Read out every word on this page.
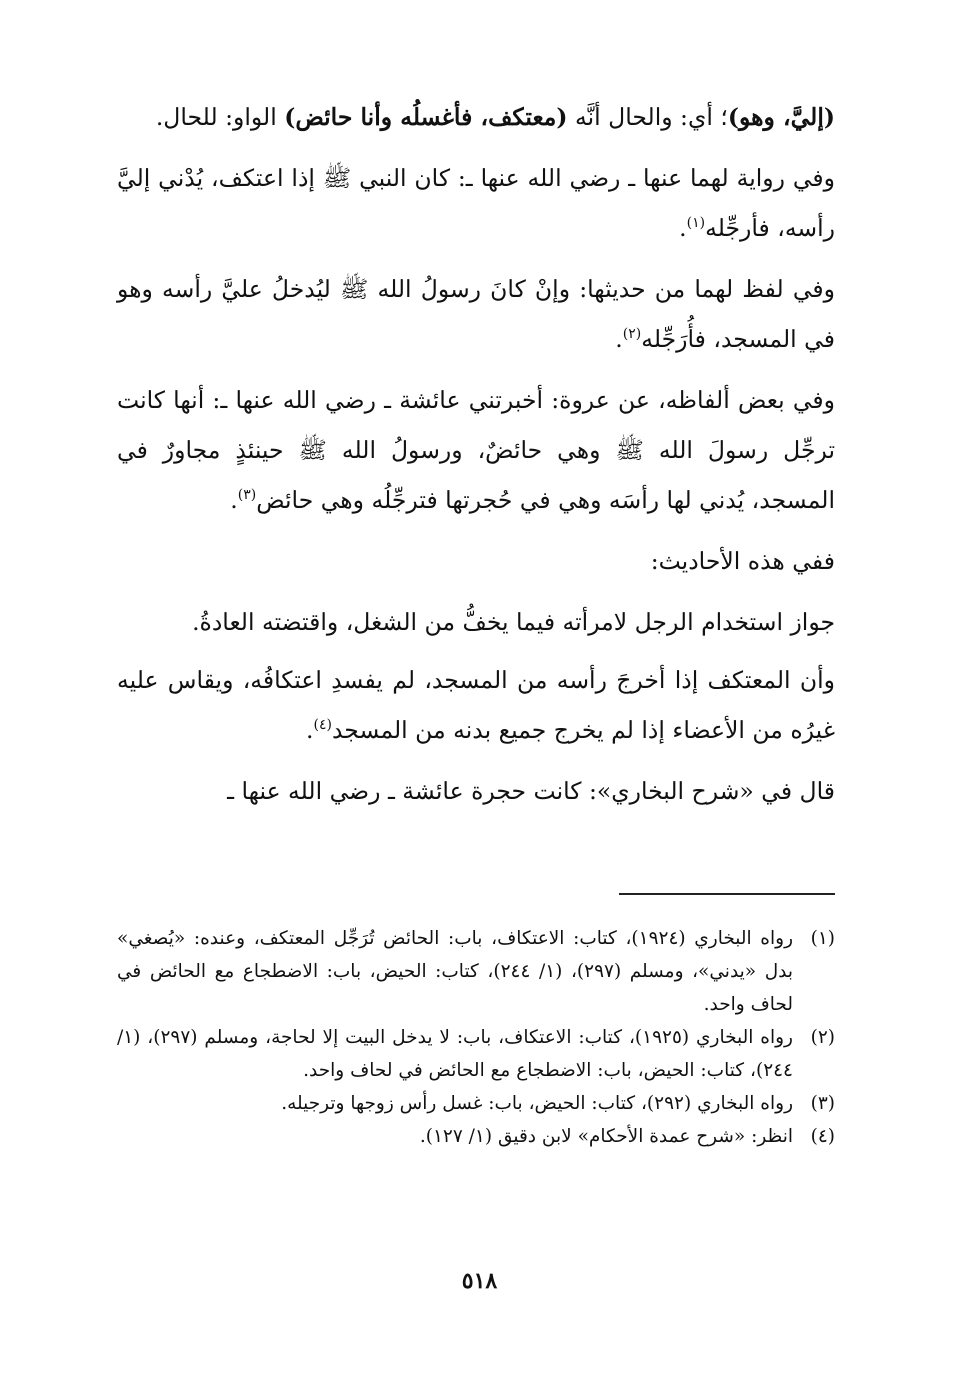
(إليَّ، وهو)؛ أي: والحال أنَّه (معتكف، فأغسلُه وأنا حائض) الواو: للحال.

وفي رواية لهما عنها ـ رضي الله عنها ـ: كان النبي ﷺ إذا اعتكف، يُدْني إليَّ رأسه، فأرجِّله$^{(١)}$.

وفي لفظ لهما من حديثها: وإنْ كانَ رسولُ الله ﷺ ليُدخلُ عليَّ رأسه وهو في المسجد، فأُرَجِّله$^{(٢)}$.

وفي بعض ألفاظه، عن عروة: أخبرتني عائشة ـ رضي الله عنها ـ: أنها كانت ترجِّل رسولَ الله ﷺ وهي حائضٌ، ورسولُ الله ﷺ حينئذٍ مجاورٌ في المسجد، يُدني لها رأسَه وهي في حُجرتها فترجِّلُه وهي حائض$^{(٣)}$.

ففي هذه الأحاديث:

جواز استخدام الرجل لامرأته فيما يخفُّ من الشغل، واقتضته العادةُ.

وأن المعتكف إذا أخرجَ رأسه من المسجد، لم يفسدِ اعتكافُه، ويقاس عليه غيرُه من الأعضاء إذا لم يخرج جميع بدنه من المسجد$^{(٤)}$.

قال في «شرح البخاري»: كانت حجرة عائشة ـ رضي الله عنها ـ

(١)
رواه البخاري (١٩٢٤)، كتاب: الاعتكاف، باب: الحائض تُرَجِّل المعتكف، وعنده: «يُصغي» بدل «يدني»، ومسلم (٢٩٧)، (١/ ٢٤٤)، كتاب: الحيض، باب: الاضطجاع مع الحائض في لحاف واحد.
(٢)
رواه البخاري (١٩٢٥)، كتاب: الاعتكاف، باب: لا يدخل البيت إلا لحاجة، ومسلم (٢٩٧)، (١/ ٢٤٤)، كتاب: الحيض، باب: الاضطجاع مع الحائض في لحاف واحد.
(٣)
رواه البخاري (٢٩٢)، كتاب: الحيض، باب: غسل رأس زوجها وترجيله.
(٤)
انظر: «شرح عمدة الأحكام» لابن دقيق (١/ ١٢٧).
٥١٨
